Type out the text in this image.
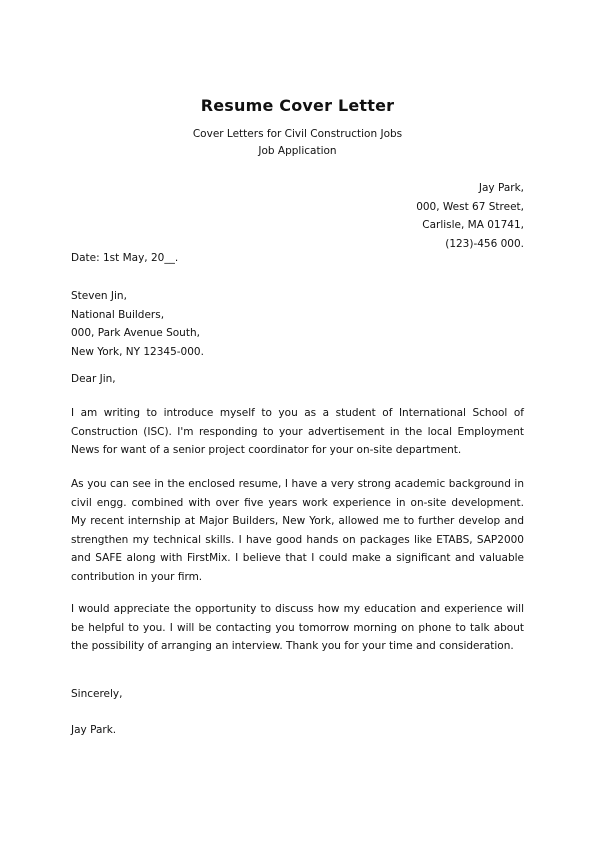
Resume Cover Letter
Cover Letters for Civil Construction Jobs
Job Application
Jay Park,
000, West 67 Street,
Carlisle, MA 01741,
(123)-456 000.
Date: 1st May, 20__.
Steven Jin,
National Builders,
000, Park Avenue South,
New York, NY 12345-000.
Dear Jin,
I am writing to introduce myself to you as a student of International School of Construction (ISC). I'm responding to your advertisement in the local Employment News for want of a senior project coordinator for your on-site department.
As you can see in the enclosed resume, I have a very strong academic background in civil engg. combined with over five years work experience in on-site development. My recent internship at Major Builders, New York, allowed me to further develop and strengthen my technical skills. I have good hands on packages like ETABS, SAP2000 and SAFE along with FirstMix. I believe that I could make a significant and valuable contribution in your firm.
I would appreciate the opportunity to discuss how my education and experience will be helpful to you. I will be contacting you tomorrow morning on phone to talk about the possibility of arranging an interview. Thank you for your time and consideration.
Sincerely,
Jay Park.
